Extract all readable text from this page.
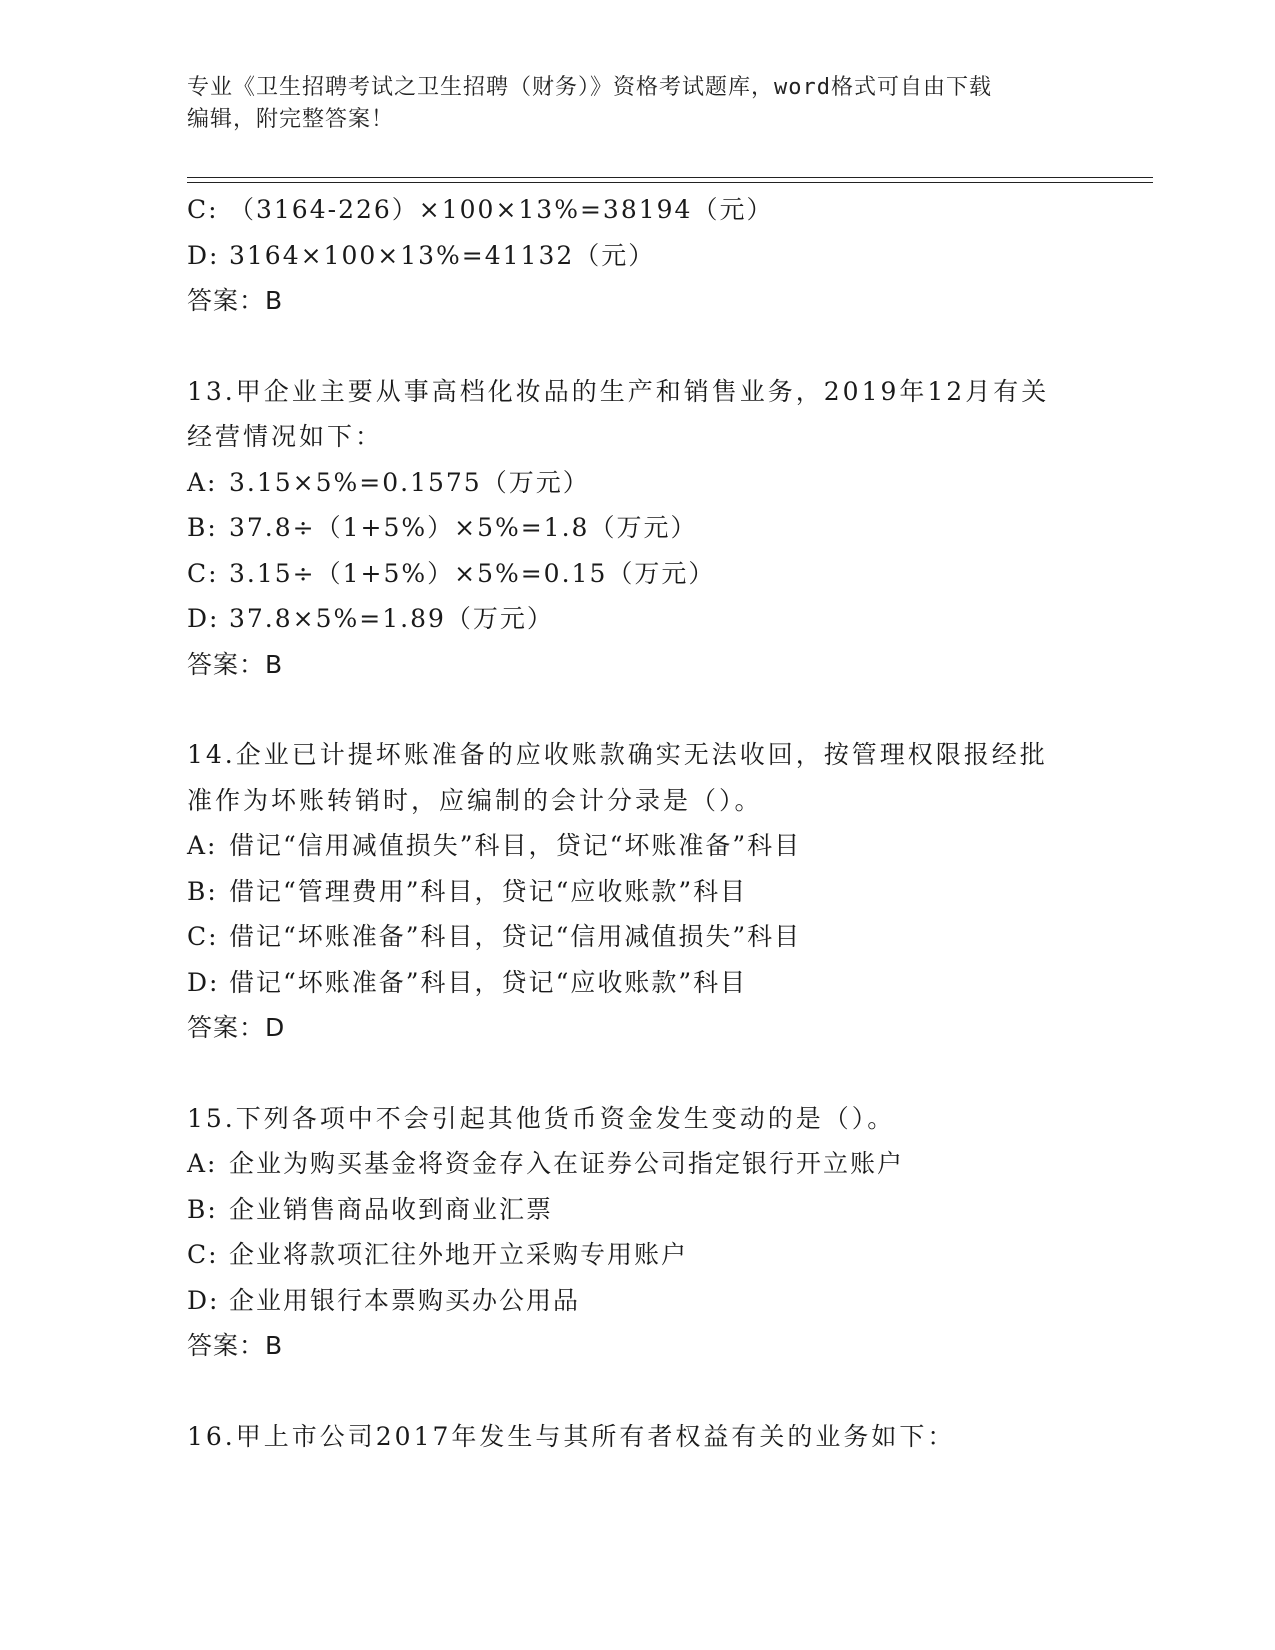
专业《卫生招聘考试之卫生招聘（财务）》资格考试题库，word格式可自由下载
编辑，附完整答案！
C: （3164-226）×100×13%=38194（元）
D: 3164×100×13%=41132（元）
答案：B
13.甲企业主要从事高档化妆品的生产和销售业务，2019年12月有关
经营情况如下：
A: 3.15×5%=0.1575（万元）
B: 37.8÷（1+5%）×5%=1.8（万元）
C: 3.15÷（1+5%）×5%=0.15（万元）
D: 37.8×5%=1.89（万元）
答案：B
14.企业已计提坏账准备的应收账款确实无法收回，按管理权限报经批
准作为坏账转销时，应编制的会计分录是（）。
A: 借记“信用减值损失”科目，贷记“坏账准备”科目
B: 借记“管理费用”科目，贷记“应收账款”科目
C: 借记“坏账准备”科目，贷记“信用减值损失”科目
D: 借记“坏账准备”科目，贷记“应收账款”科目
答案：D
15.下列各项中不会引起其他货币资金发生变动的是（）。
A: 企业为购买基金将资金存入在证券公司指定银行开立账户
B: 企业销售商品收到商业汇票
C: 企业将款项汇往外地开立采购专用账户
D: 企业用银行本票购买办公用品
答案：B
16.甲上市公司2017年发生与其所有者权益有关的业务如下：
